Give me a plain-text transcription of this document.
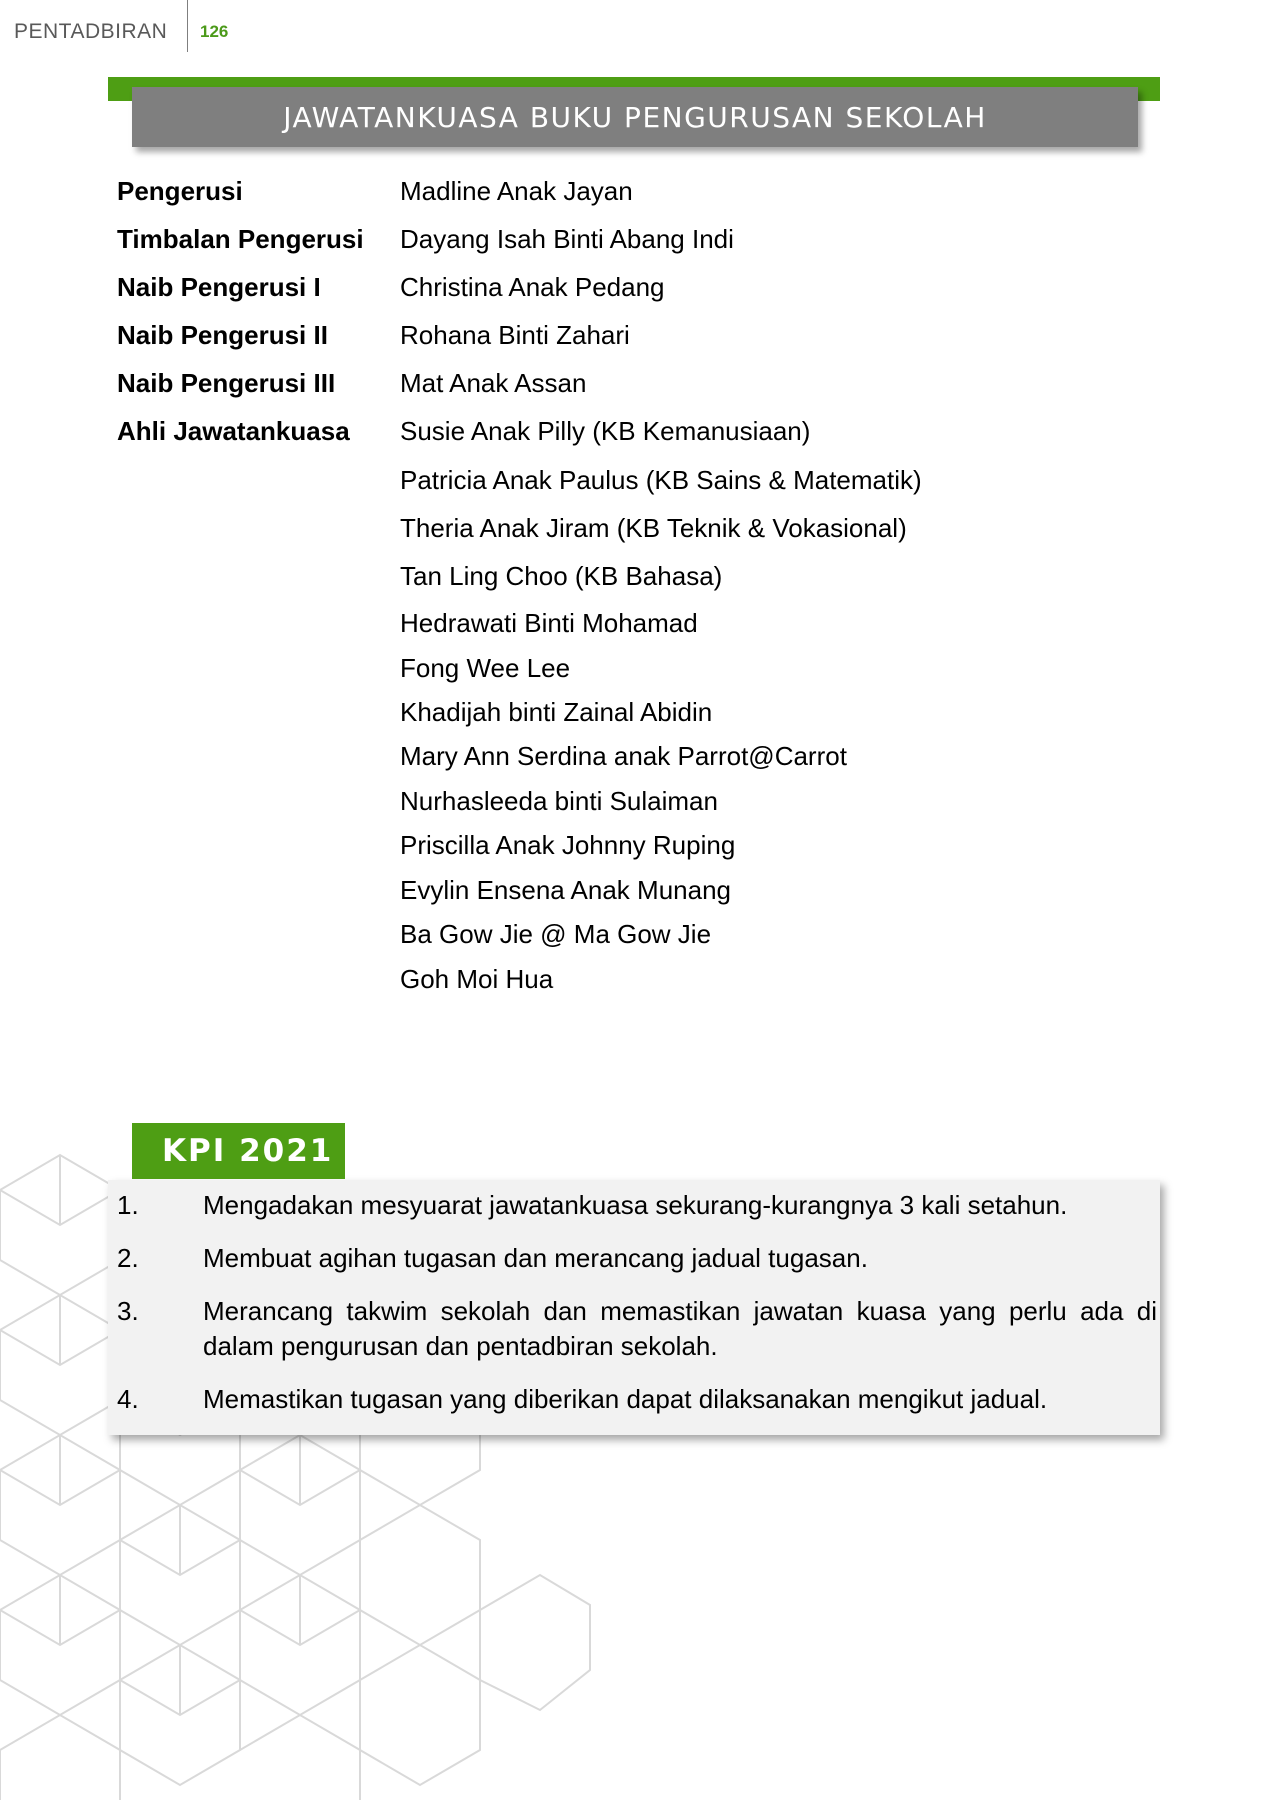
PENTADBIRAN 126
JAWATANKUASA BUKU PENGURUSAN SEKOLAH
Pengerusi	Madline Anak Jayan
Timbalan Pengerusi	Dayang Isah Binti Abang Indi
Naib Pengerusi I	Christina Anak Pedang
Naib Pengerusi II	Rohana Binti Zahari
Naib Pengerusi III	Mat Anak Assan
Ahli Jawatankuasa	Susie Anak Pilly (KB Kemanusiaan)
Patricia Anak Paulus (KB Sains & Matematik)
Theria Anak Jiram (KB Teknik & Vokasional)
Tan Ling Choo (KB Bahasa)
Hedrawati Binti Mohamad
Fong Wee Lee
Khadijah binti Zainal Abidin
Mary Ann Serdina anak Parrot@Carrot
Nurhasleeda binti Sulaiman
Priscilla Anak Johnny Ruping
Evylin Ensena Anak Munang
Ba Gow Jie @ Ma Gow Jie
Goh Moi Hua
KPI 2021
1.	Mengadakan mesyuarat jawatankuasa sekurang-kurangnya 3 kali setahun.
2.	Membuat agihan tugasan dan merancang jadual tugasan.
3.	Merancang takwim sekolah dan memastikan jawatan kuasa yang perlu ada di dalam pengurusan dan pentadbiran sekolah.
4.	Memastikan tugasan yang diberikan dapat dilaksanakan mengikut jadual.
